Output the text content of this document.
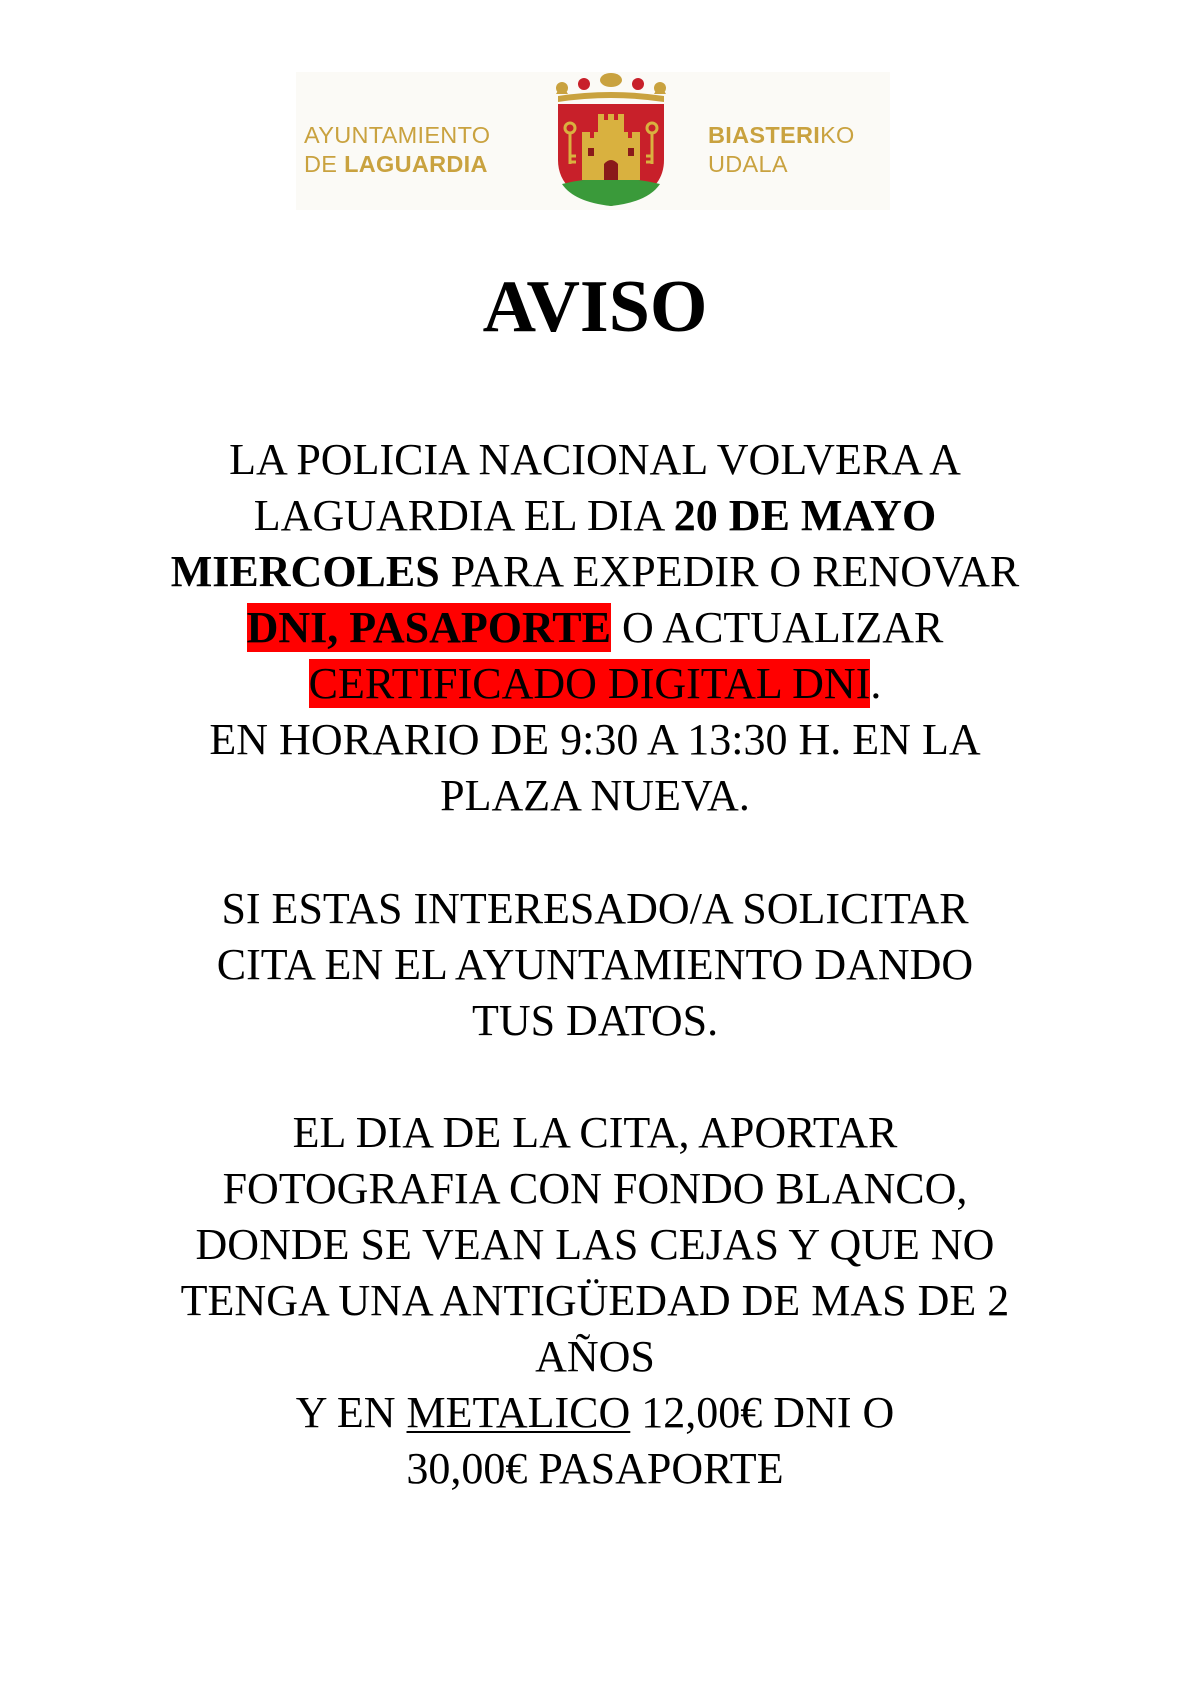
AYUNTAMIENTO
DE LAGUARDIA
BIASTERIKO
UDALA
AVISO
LA POLICIA NACIONAL VOLVERA A
LAGUARDIA EL DIA 20 DE MAYO
MIERCOLES PARA EXPEDIR O RENOVAR
DNI, PASAPORTE O ACTUALIZAR
CERTIFICADO DIGITAL DNI.
EN HORARIO DE 9:30 A 13:30 H. EN LA
PLAZA NUEVA.
SI ESTAS INTERESADO/A SOLICITAR
CITA EN EL AYUNTAMIENTO DANDO
TUS DATOS.
EL DIA DE LA CITA, APORTAR
FOTOGRAFIA CON FONDO BLANCO,
DONDE SE VEAN LAS CEJAS Y QUE NO
TENGA UNA ANTIGÜEDAD DE MAS DE 2
AÑOS
Y EN METALICO 12,00€ DNI O
30,00€ PASAPORTE
